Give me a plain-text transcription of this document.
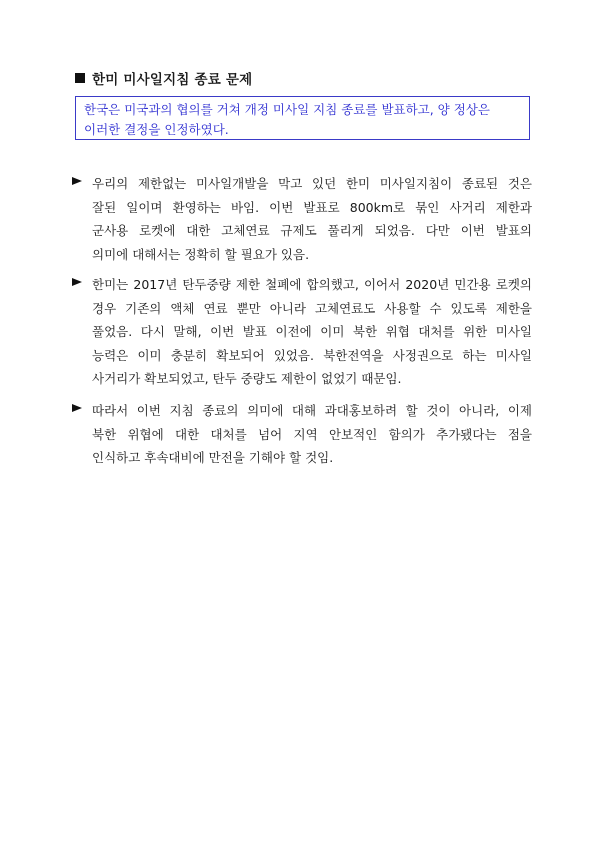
한미 미사일지침 종료 문제
한국은 미국과의 협의를 거쳐 개정 미사일 지침 종료를 발표하고, 양 정상은
이러한 결정을 인정하였다.
우리의 제한없는 미사일개발을 막고 있던 한미 미사일지침이 종료된 것은
잘된 일이며 환영하는 바임. 이번 발표로 800km로 묶인 사거리 제한과
군사용 로켓에 대한 고체연료 규제도 풀리게 되었음. 다만 이번 발표의
의미에 대해서는 정확히 할 필요가 있음.
한미는 2017년 탄두중량 제한 철폐에 합의했고, 이어서 2020년 민간용 로켓의
경우 기존의 액체 연료 뿐만 아니라 고체연료도 사용할 수 있도록 제한을
풀었음. 다시 말해, 이번 발표 이전에 이미 북한 위협 대처를 위한 미사일
능력은 이미 충분히 확보되어 있었음. 북한전역을 사정권으로 하는 미사일
사거리가 확보되었고, 탄두 중량도 제한이 없었기 때문임.
따라서 이번 지침 종료의 의미에 대해 과대홍보하려 할 것이 아니라, 이제
북한 위협에 대한 대처를 넘어 지역 안보적인 함의가 추가됐다는 점을
인식하고 후속대비에 만전을 기해야 할 것임.
